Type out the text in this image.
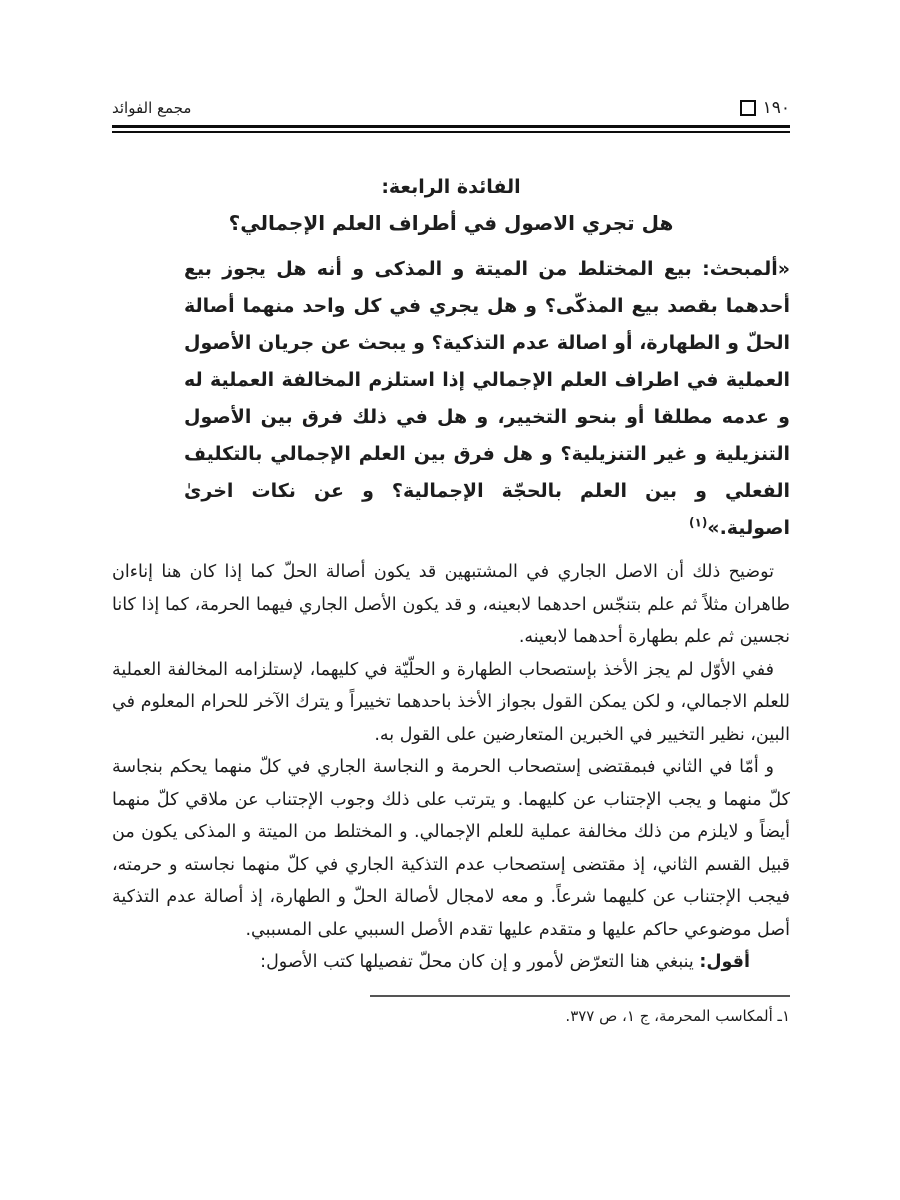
١٩٠
مجمع الفوائد
الفائدة الرابعة:
هل تجري الاصول في أطراف العلم الإجمالي؟
«ألمبحث: بيع المختلط من الميتة و المذكى و أنه هل يجوز بيع أحدهما بقصد بيع المذكّى؟ و هل يجري في كل واحد منهما أصالة الحلّ و الطهارة، أو اصالة عدم التذكية؟ و يبحث عن جريان الأصول العملية في اطراف العلم الإجمالي إذا استلزم المخالفة العملية له و عدمه مطلقا أو بنحو التخيير، و هل في ذلك فرق بين الأصول التنزيلية و غير التنزيلية؟ و هل فرق بين العلم الإجمالي بالتكليف الفعلي و بين العلم بالحجّة الإجمالية؟ و عن نكات اخرىٰ اصولية.»$^{(١)}$

توضيح ذلك أن الاصل الجاري في المشتبهين قد يكون أصالة الحلّ كما إذا كان هنا إناءان طاهران مثلاً ثم علم بتنجّس احدهما لابعينه، و قد يكون الأصل الجاري فيهما الحرمة، كما إذا كانا نجسين ثم علم بطهارة أحدهما لابعينه.

ففي الأوّل لم يجز الأخذ بإستصحاب الطهارة و الحلّيّة في كليهما، لإستلزامه المخالفة العملية للعلم الاجمالي، و لكن يمكن القول بجواز الأخذ باحدهما تخييراً و يترك الآخر للحرام المعلوم في البين، نظير التخيير في الخبرين المتعارضين على القول به.

و أمّا في الثاني فبمقتضى إستصحاب الحرمة و النجاسة الجاري في كلّ منهما يحكم بنجاسة كلّ منهما و يجب الإجتناب عن كليهما. و يترتب على ذلك وجوب الإجتناب عن ملاقي كلّ منهما أيضاً و لايلزم من ذلك مخالفة عملية للعلم الإجمالي. و المختلط من الميتة و المذكى يكون من قبيل القسم الثاني، إذ مقتضى إستصحاب عدم التذكية الجاري في كلّ منهما نجاسته و حرمته، فيجب الإجتناب عن كليهما شرعاً. و معه لامجال لأصالة الحلّ و الطهارة، إذ أصالة عدم التذكية أصل موضوعي حاكم عليها و متقدم عليها تقدم الأصل السببي على المسببي.

أقول: ينبغي هنا التعرّض لأمور و إن كان محلّ تفصيلها كتب الأصول:

١ـ ألمكاسب المحرمة، ج ١، ص ٣٧٧.
